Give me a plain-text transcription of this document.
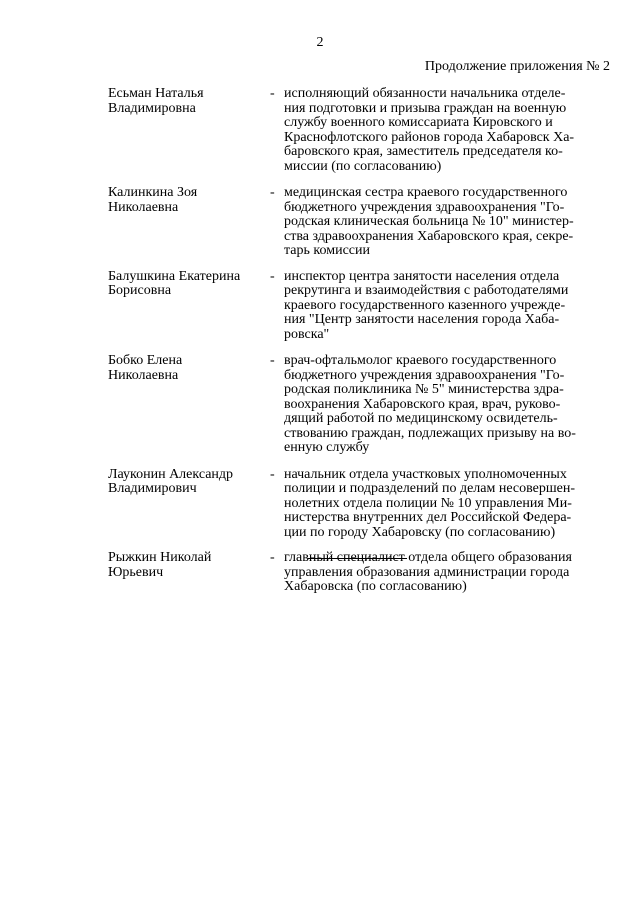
2
Продолжение приложения № 2
Есьман Наталья
Владимировна
- исполняющий обязанности начальника отделе-
ния подготовки и призыва граждан на военную
службу военного комиссариата Кировского и
Краснофлотского районов города Хабаровск Ха-
баровского края, заместитель председателя ко-
миссии (по согласованию)
Калинкина Зоя
Николаевна
- медицинская сестра краевого государственного
бюджетного учреждения здравоохранения "Го-
родская клиническая больница № 10" министер-
ства здравоохранения Хабаровского края, секре-
тарь комиссии
Балушкина Екатерина
Борисовна
- инспектор центра занятости населения отдела
рекрутинга и взаимодействия с работодателями
краевого государственного казенного учрежде-
ния "Центр занятости населения города Хаба-
ровска"
Бобко Елена
Николаевна
- врач-офтальмолог краевого государственного
бюджетного учреждения здравоохранения "Го-
родская поликлиника № 5" министерства здра-
воохранения Хабаровского края, врач, руково-
дящий работой по медицинскому освидетель-
ствованию граждан, подлежащих призыву на во-
енную службу
Лауконин Александр
Владимирович
- начальник отдела участковых уполномоченных
полиции и подразделений по делам несовершен-
нолетних отдела полиции № 10 управления Ми-
нистерства внутренних дел Российской Федера-
ции по городу Хабаровску (по согласованию)
Рыжкин Николай
Юрьевич
- главный специалист отдела общего образования
управления образования администрации города
Хабаровска (по согласованию)
